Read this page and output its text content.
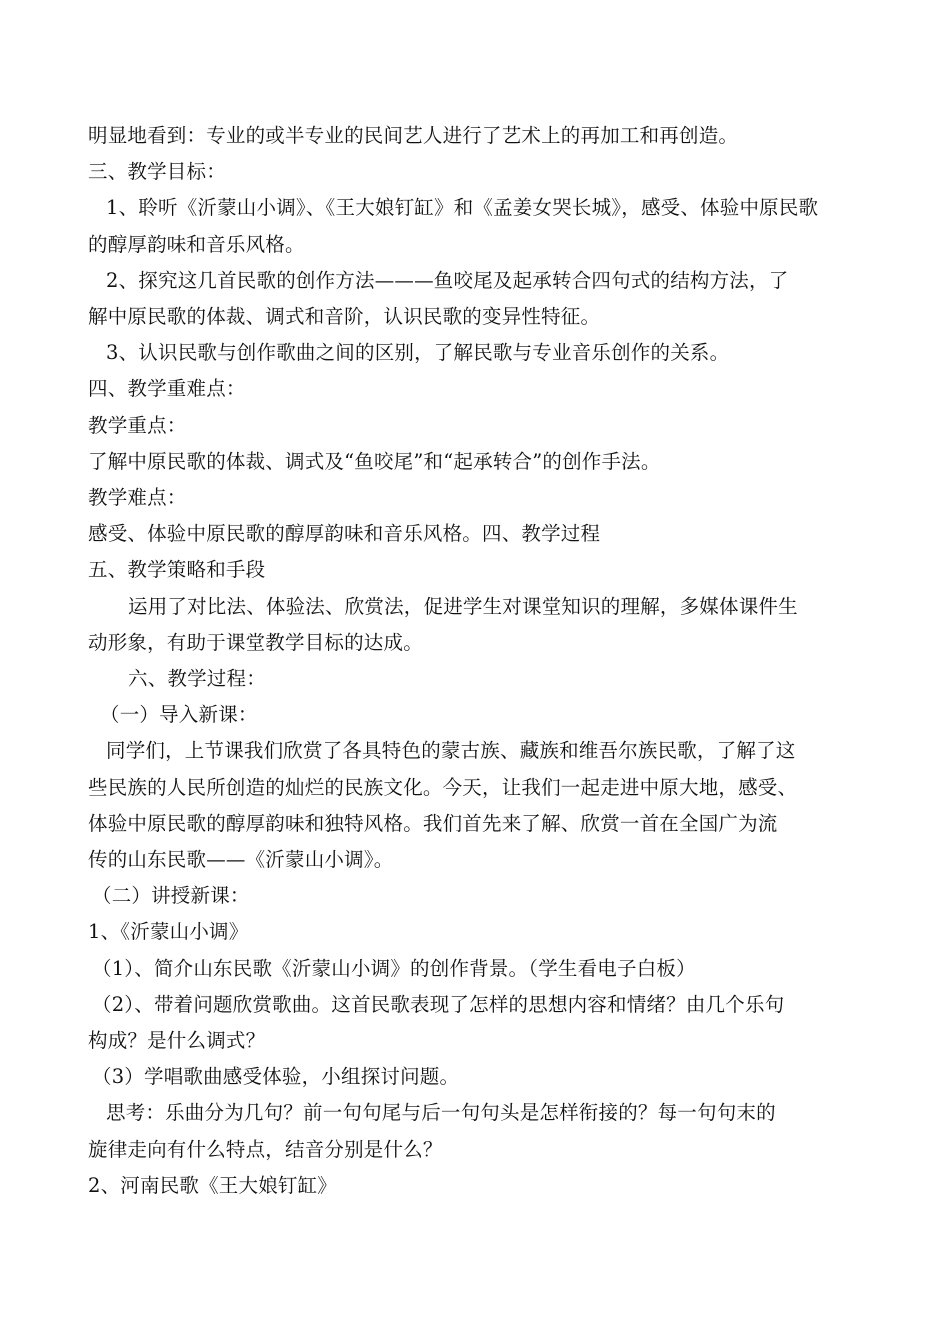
明显地看到：专业的或半专业的民间艺人进行了艺术上的再加工和再创造。
三、教学目标：
1、聆听《沂蒙山小调》、《王大娘钉缸》和《孟姜女哭长城》，感受、体验中原民歌
的醇厚韵味和音乐风格。
2、探究这几首民歌的创作方法———鱼咬尾及起承转合四句式的结构方法，了
解中原民歌的体裁、调式和音阶，认识民歌的变异性特征。
3、认识民歌与创作歌曲之间的区别，了解民歌与专业音乐创作的关系。
四、教学重难点：
教学重点：
了解中原民歌的体裁、调式及“鱼咬尾”和“起承转合”的创作手法。
教学难点：
感受、体验中原民歌的醇厚韵味和音乐风格。四、教学过程
五、教学策略和手段
运用了对比法、体验法、欣赏法，促进学生对课堂知识的理解，多媒体课件生
动形象，有助于课堂教学目标的达成。
六、教学过程：
（一）导入新课：
同学们，上节课我们欣赏了各具特色的蒙古族、藏族和维吾尔族民歌，了解了这
些民族的人民所创造的灿烂的民族文化。今天，让我们一起走进中原大地，感受、
体验中原民歌的醇厚韵味和独特风格。我们首先来了解、欣赏一首在全国广为流
传的山东民歌——《沂蒙山小调》。
（二）讲授新课：
1、《沂蒙山小调》
（1）、简介山东民歌《沂蒙山小调》的创作背景。（学生看电子白板）
（2）、带着问题欣赏歌曲。这首民歌表现了怎样的思想内容和情绪？由几个乐句
构成？是什么调式？
（3）学唱歌曲感受体验，小组探讨问题。
思考：乐曲分为几句？前一句句尾与后一句句头是怎样衔接的？每一句句末的
旋律走向有什么特点，结音分别是什么？
2、河南民歌《王大娘钉缸》
